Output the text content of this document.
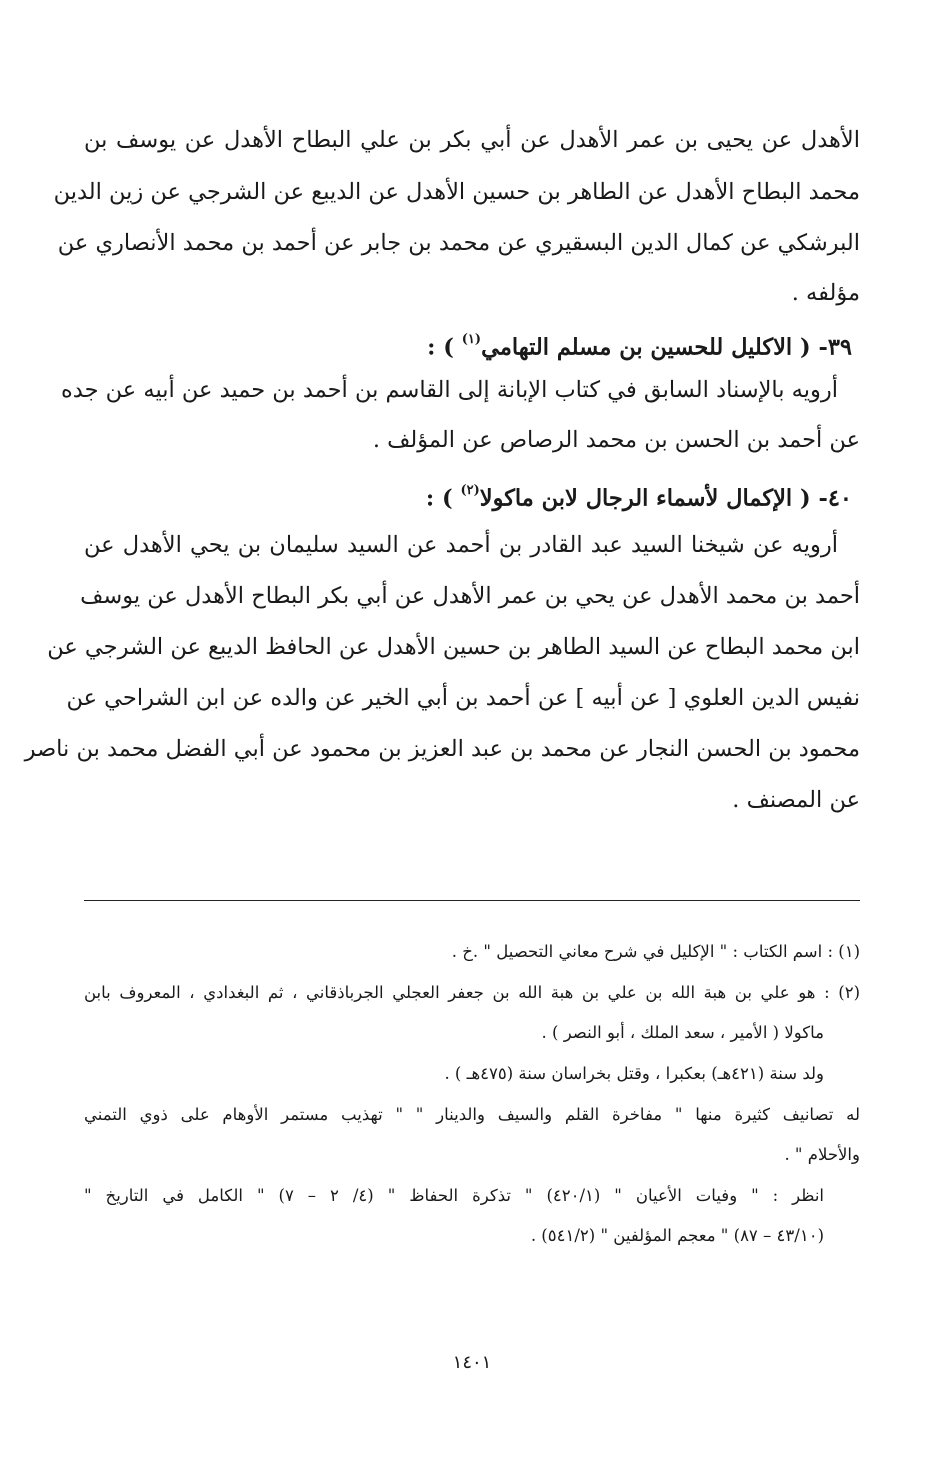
الأهدل عن يحيى بن عمر الأهدل عن أبي بكر بن علي البطاح الأهدل عن يوسف بن
محمد البطاح الأهدل عن الطاهر بن حسين الأهدل عن الديبع عن الشرجي عن زين الدين
البرشكي عن كمال الدين البسقيري عن محمد بن جابر عن أحمد بن محمد الأنصاري عن
مؤلفه .
٣٩- ( الاكليل للحسين بن مسلم التهامي$^{(١)}$ ) :
أرويه بالإسناد السابق في كتاب الإبانة إلى القاسم بن أحمد بن حميد عن أبيه عن جده
عن أحمد بن الحسن بن محمد الرصاص عن المؤلف .
٤٠- ( الإكمال لأسماء الرجال لابن ماكولا$^{(٢)}$ ) :
أرويه عن شيخنا السيد عبد القادر بن أحمد عن السيد سليمان بن يحي الأهدل عن
أحمد بن محمد الأهدل عن يحي بن عمر الأهدل عن أبي بكر البطاح الأهدل عن يوسف
ابن محمد البطاح عن السيد الطاهر بن حسين الأهدل عن الحافظ الديبع عن الشرجي عن
نفيس الدين العلوي [ عن أبيه ] عن أحمد بن أبي الخير عن والده عن ابن الشراحي عن
محمود بن الحسن النجار عن محمد بن عبد العزيز بن محمود عن أبي الفضل محمد بن ناصر
عن المصنف .
(١) : اسم الكتاب : " الإكليل في شرح معاني التحصيل " .خ .
(٢) : هو علي بن هبة الله بن علي بن هبة الله بن جعفر العجلي الجرباذقاني ، ثم البغدادي ، المعروف بابن
ماكولا ( الأمير ، سعد الملك ، أبو النصر ) .
ولد سنة (٤٢١هـ) بعكبرا ، وقتل بخراسان سنة (٤٧٥هـ ) .
له تصانيف كثيرة منها " مفاخرة القلم والسيف والدينار " " تهذيب مستمر الأوهام على ذوي التمني
والأحلام " .
انظر : " وفيات الأعيان " (٤٢٠/١) " تذكرة الحفاظ " (٤/ ٢ – ٧) " الكامل في التاريخ "
(٤٣/١٠ – ٨٧) " معجم المؤلفين " (٥٤١/٢) .
١٤٠١
